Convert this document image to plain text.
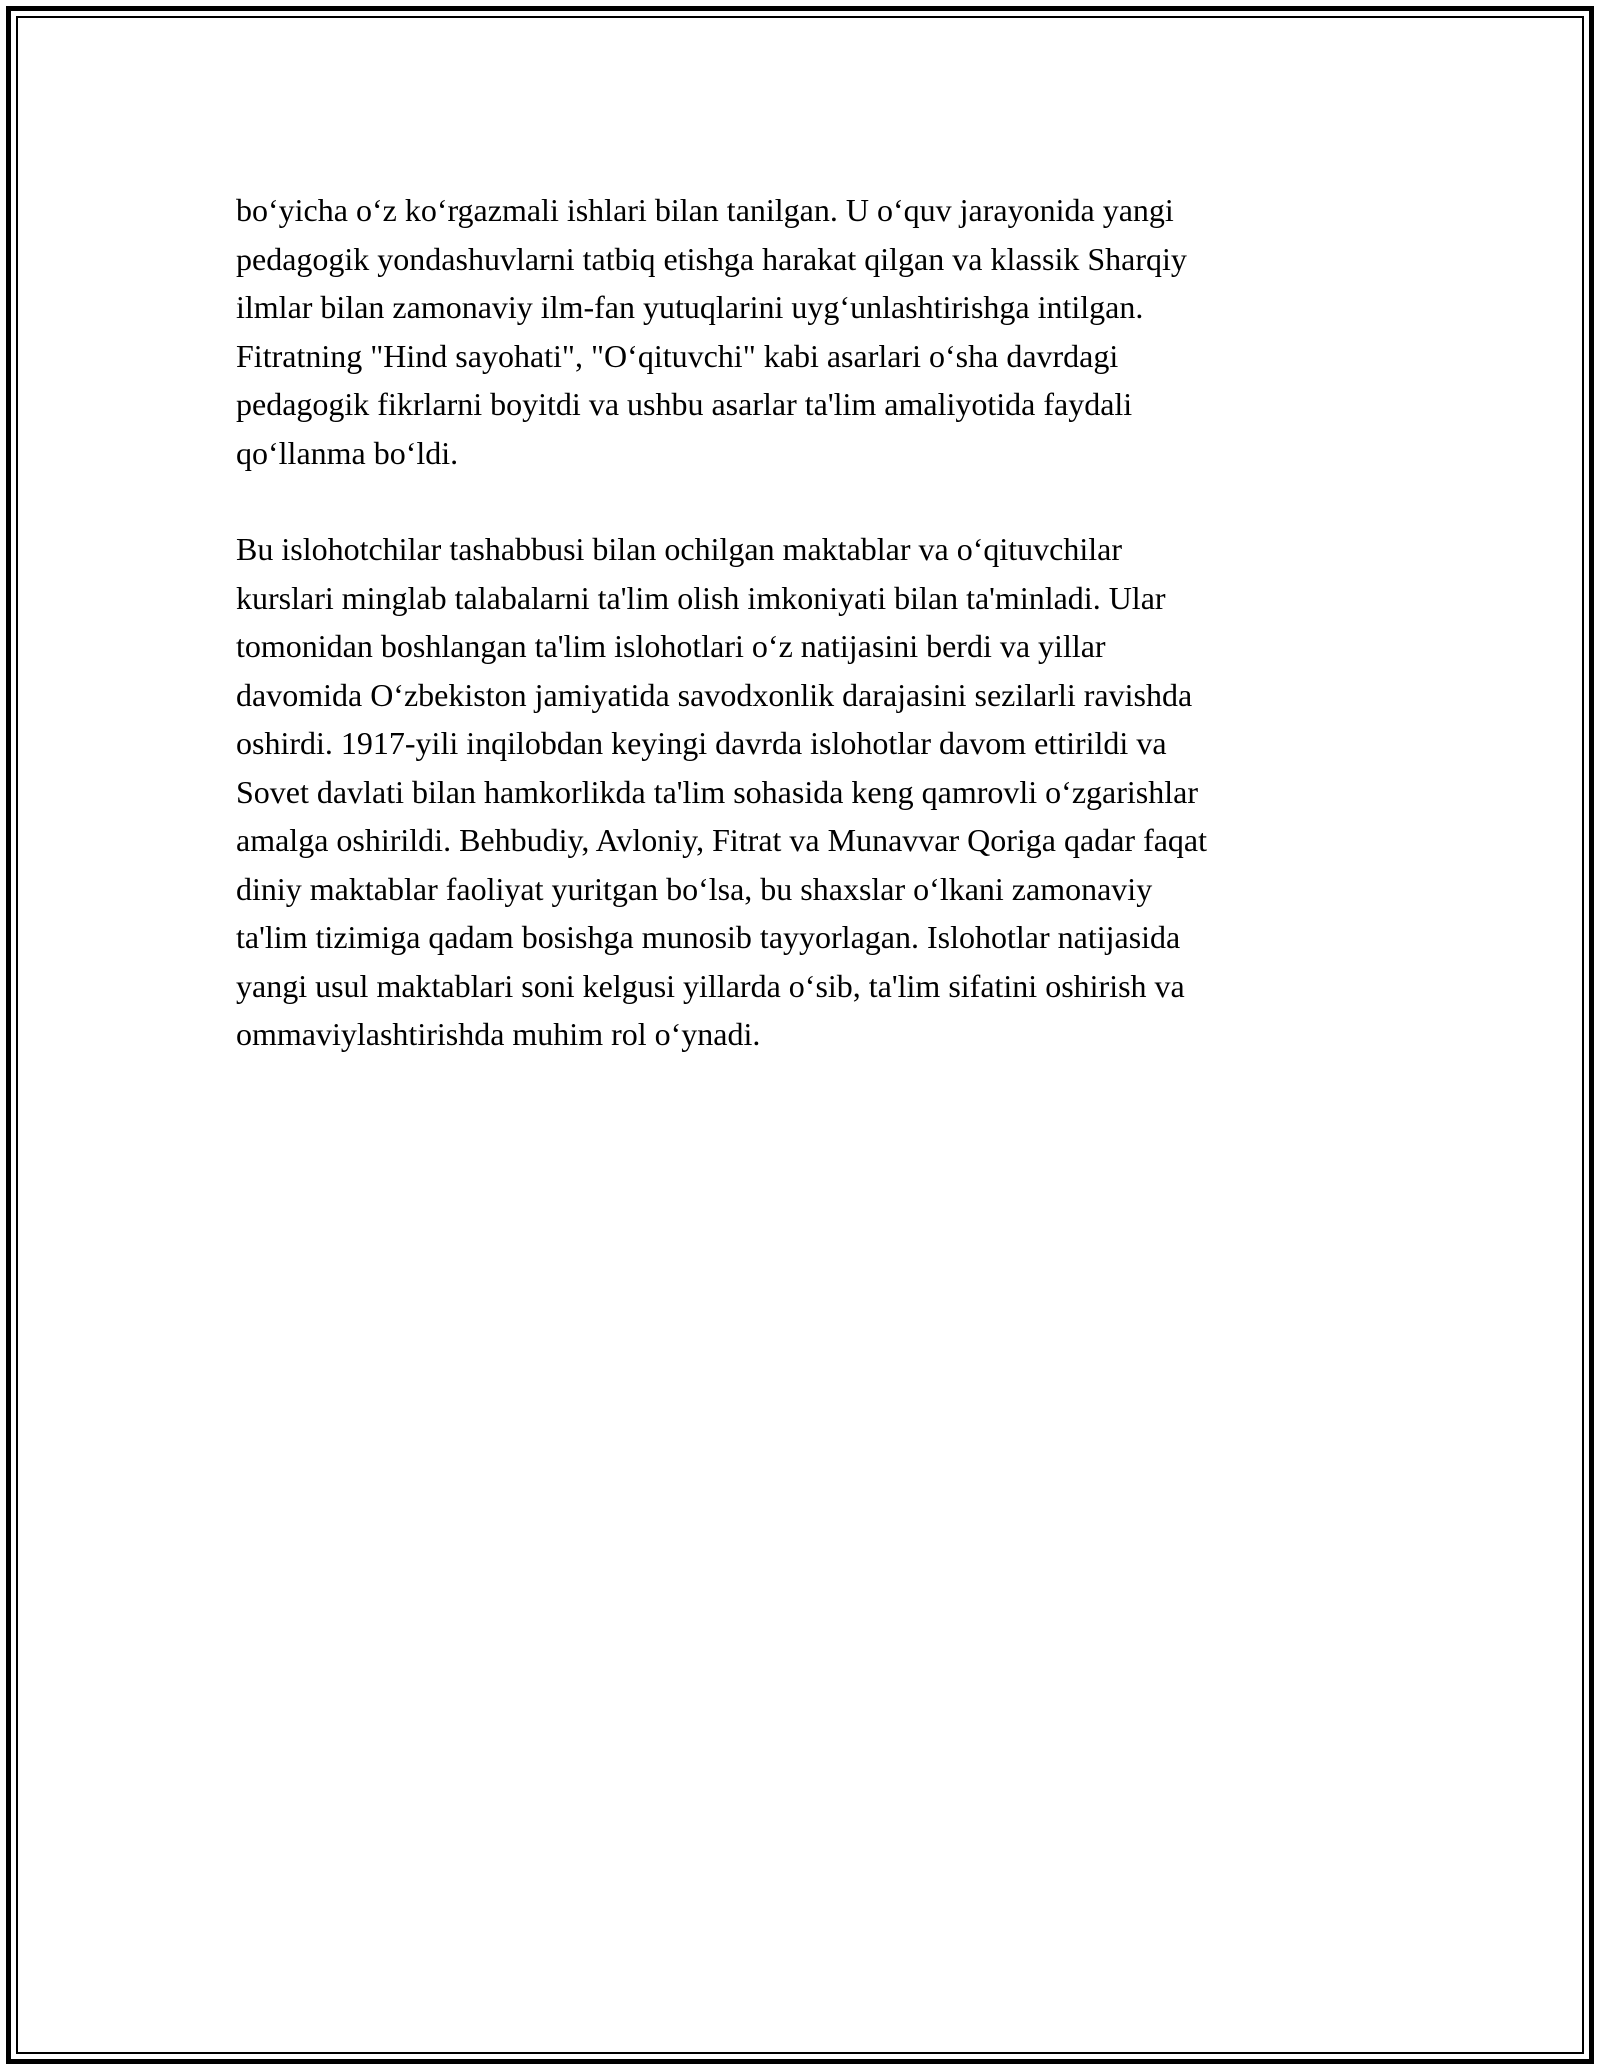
bo‘yicha o‘z ko‘rgazmali ishlari bilan tanilgan. U o‘quv jarayonida yangi
pedagogik yondashuvlarni tatbiq etishga harakat qilgan va klassik Sharqiy
ilmlar bilan zamonaviy ilm-fan yutuqlarini uyg‘unlashtirishga intilgan.
Fitratning "Hind sayohati", "O‘qituvchi" kabi asarlari o‘sha davrdagi
pedagogik fikrlarni boyitdi va ushbu asarlar ta'lim amaliyotida faydali
qo‘llanma bo‘ldi.

Bu islohotchilar tashabbusi bilan ochilgan maktablar va o‘qituvchilar
kurslari minglab talabalarni ta'lim olish imkoniyati bilan ta'minladi. Ular
tomonidan boshlangan ta'lim islohotlari o‘z natijasini berdi va yillar
davomida O‘zbekiston jamiyatida savodxonlik darajasini sezilarli ravishda
oshirdi. 1917-yili inqilobdan keyingi davrda islohotlar davom ettirildi va
Sovet davlati bilan hamkorlikda ta'lim sohasida keng qamrovli o‘zgarishlar
amalga oshirildi. Behbudiy, Avloniy, Fitrat va Munavvar Qoriga qadar faqat
diniy maktablar faoliyat yuritgan bo‘lsa, bu shaxslar o‘lkani zamonaviy
ta'lim tizimiga qadam bosishga munosib tayyorlagan. Islohotlar natijasida
yangi usul maktablari soni kelgusi yillarda o‘sib, ta'lim sifatini oshirish va
ommaviylashtirishda muhim rol o‘ynadi.
